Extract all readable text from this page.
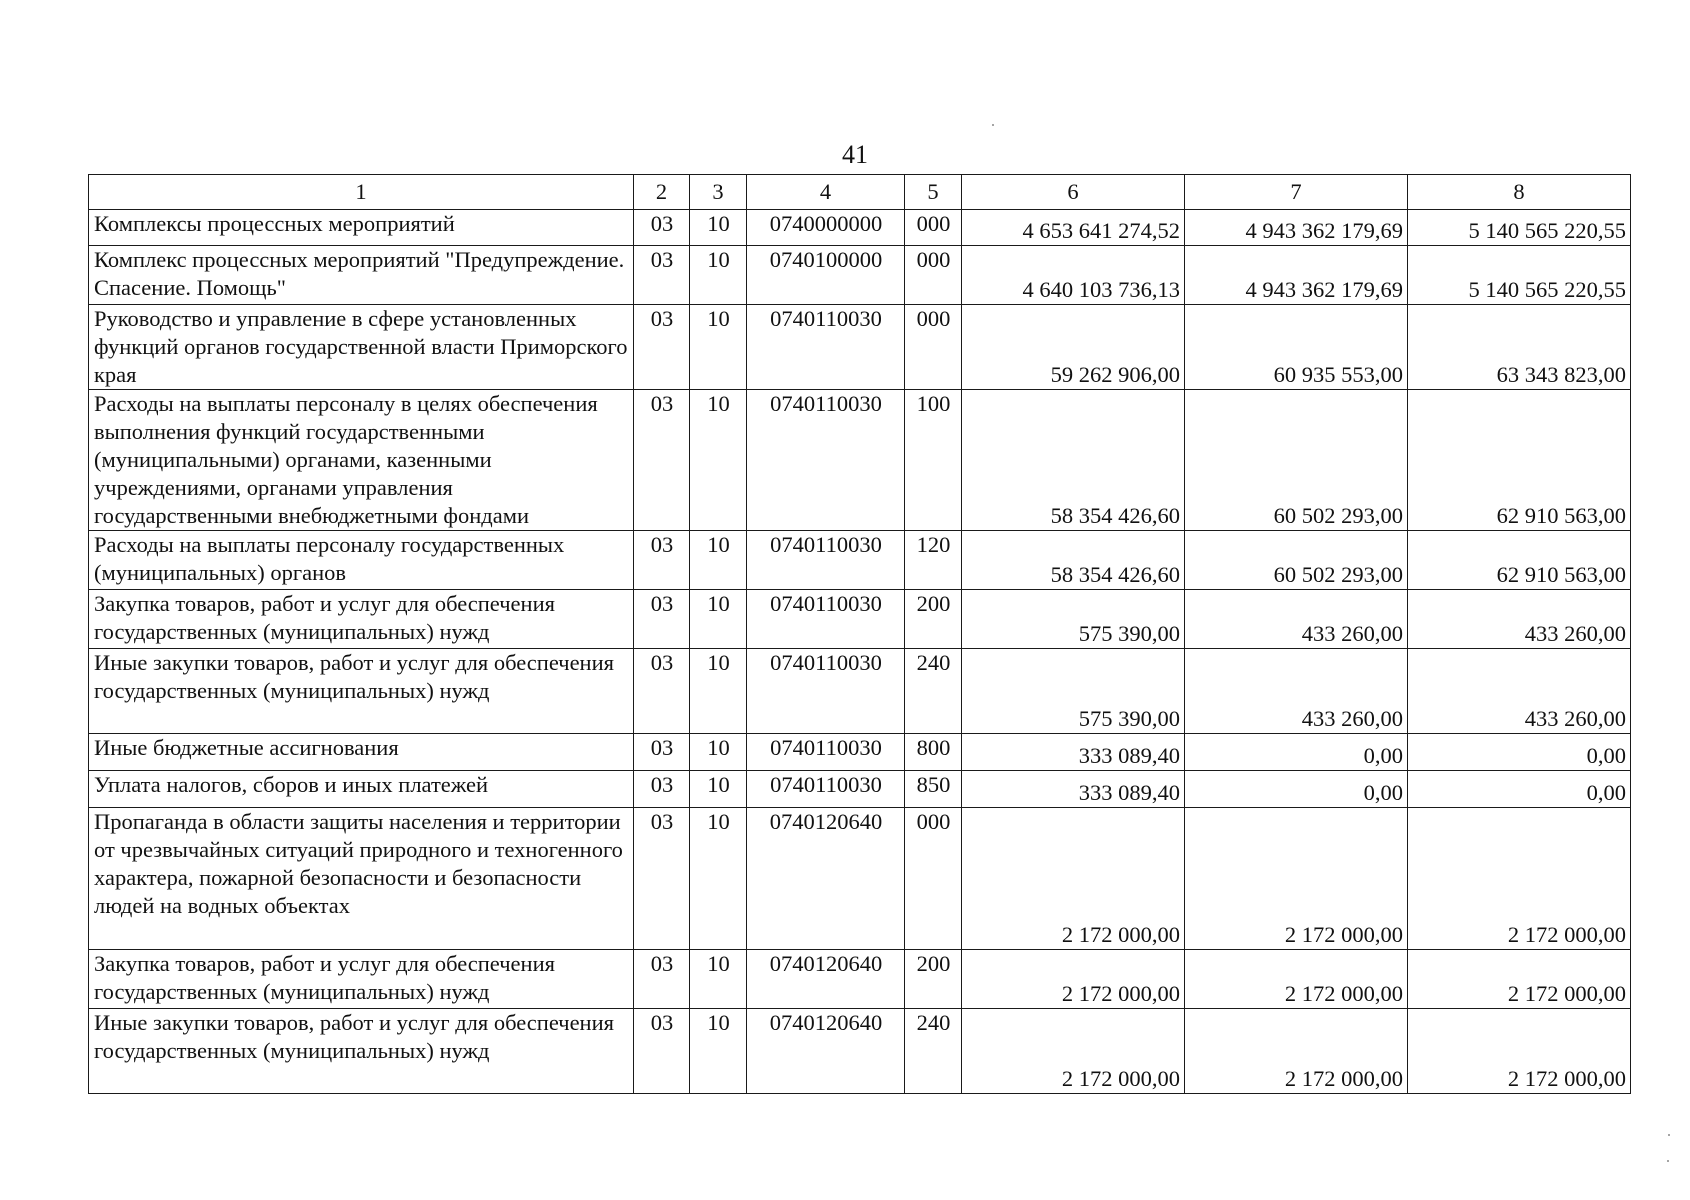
41
1	2	3	4	5	6	7	8
Комплексы процессных мероприятий	03	10	0740000000	000	4 653 641 274,52	4 943 362 179,69	5 140 565 220,55
Комплекс процессных мероприятий "Предупреждение. Спасение. Помощь"	03	10	0740100000	000	4 640 103 736,13	4 943 362 179,69	5 140 565 220,55
Руководство и управление в сфере установленных функций органов государственной власти Приморского края	03	10	0740110030	000	59 262 906,00	60 935 553,00	63 343 823,00
Расходы на выплаты персоналу в целях обеспечения выполнения функций государственными (муниципальными) органами, казенными учреждениями, органами управления государственными внебюджетными фондами	03	10	0740110030	100	58 354 426,60	60 502 293,00	62 910 563,00
Расходы на выплаты персоналу государственных (муниципальных) органов	03	10	0740110030	120	58 354 426,60	60 502 293,00	62 910 563,00
Закупка товаров, работ и услуг для обеспечения государственных (муниципальных) нужд	03	10	0740110030	200	575 390,00	433 260,00	433 260,00
Иные закупки товаров, работ и услуг для обеспечения государственных (муниципальных) нужд	03	10	0740110030	240	575 390,00	433 260,00	433 260,00
Иные бюджетные ассигнования	03	10	0740110030	800	333 089,40	0,00	0,00
Уплата налогов, сборов и иных платежей	03	10	0740110030	850	333 089,40	0,00	0,00
Пропаганда в области защиты населения и территории от чрезвычайных ситуаций природного и техногенного характера, пожарной безопасности и безопасности людей на водных объектах	03	10	0740120640	000	2 172 000,00	2 172 000,00	2 172 000,00
Закупка товаров, работ и услуг для обеспечения государственных (муниципальных) нужд	03	10	0740120640	200	2 172 000,00	2 172 000,00	2 172 000,00
Иные закупки товаров, работ и услуг для обеспечения государственных (муниципальных) нужд	03	10	0740120640	240	2 172 000,00	2 172 000,00	2 172 000,00
